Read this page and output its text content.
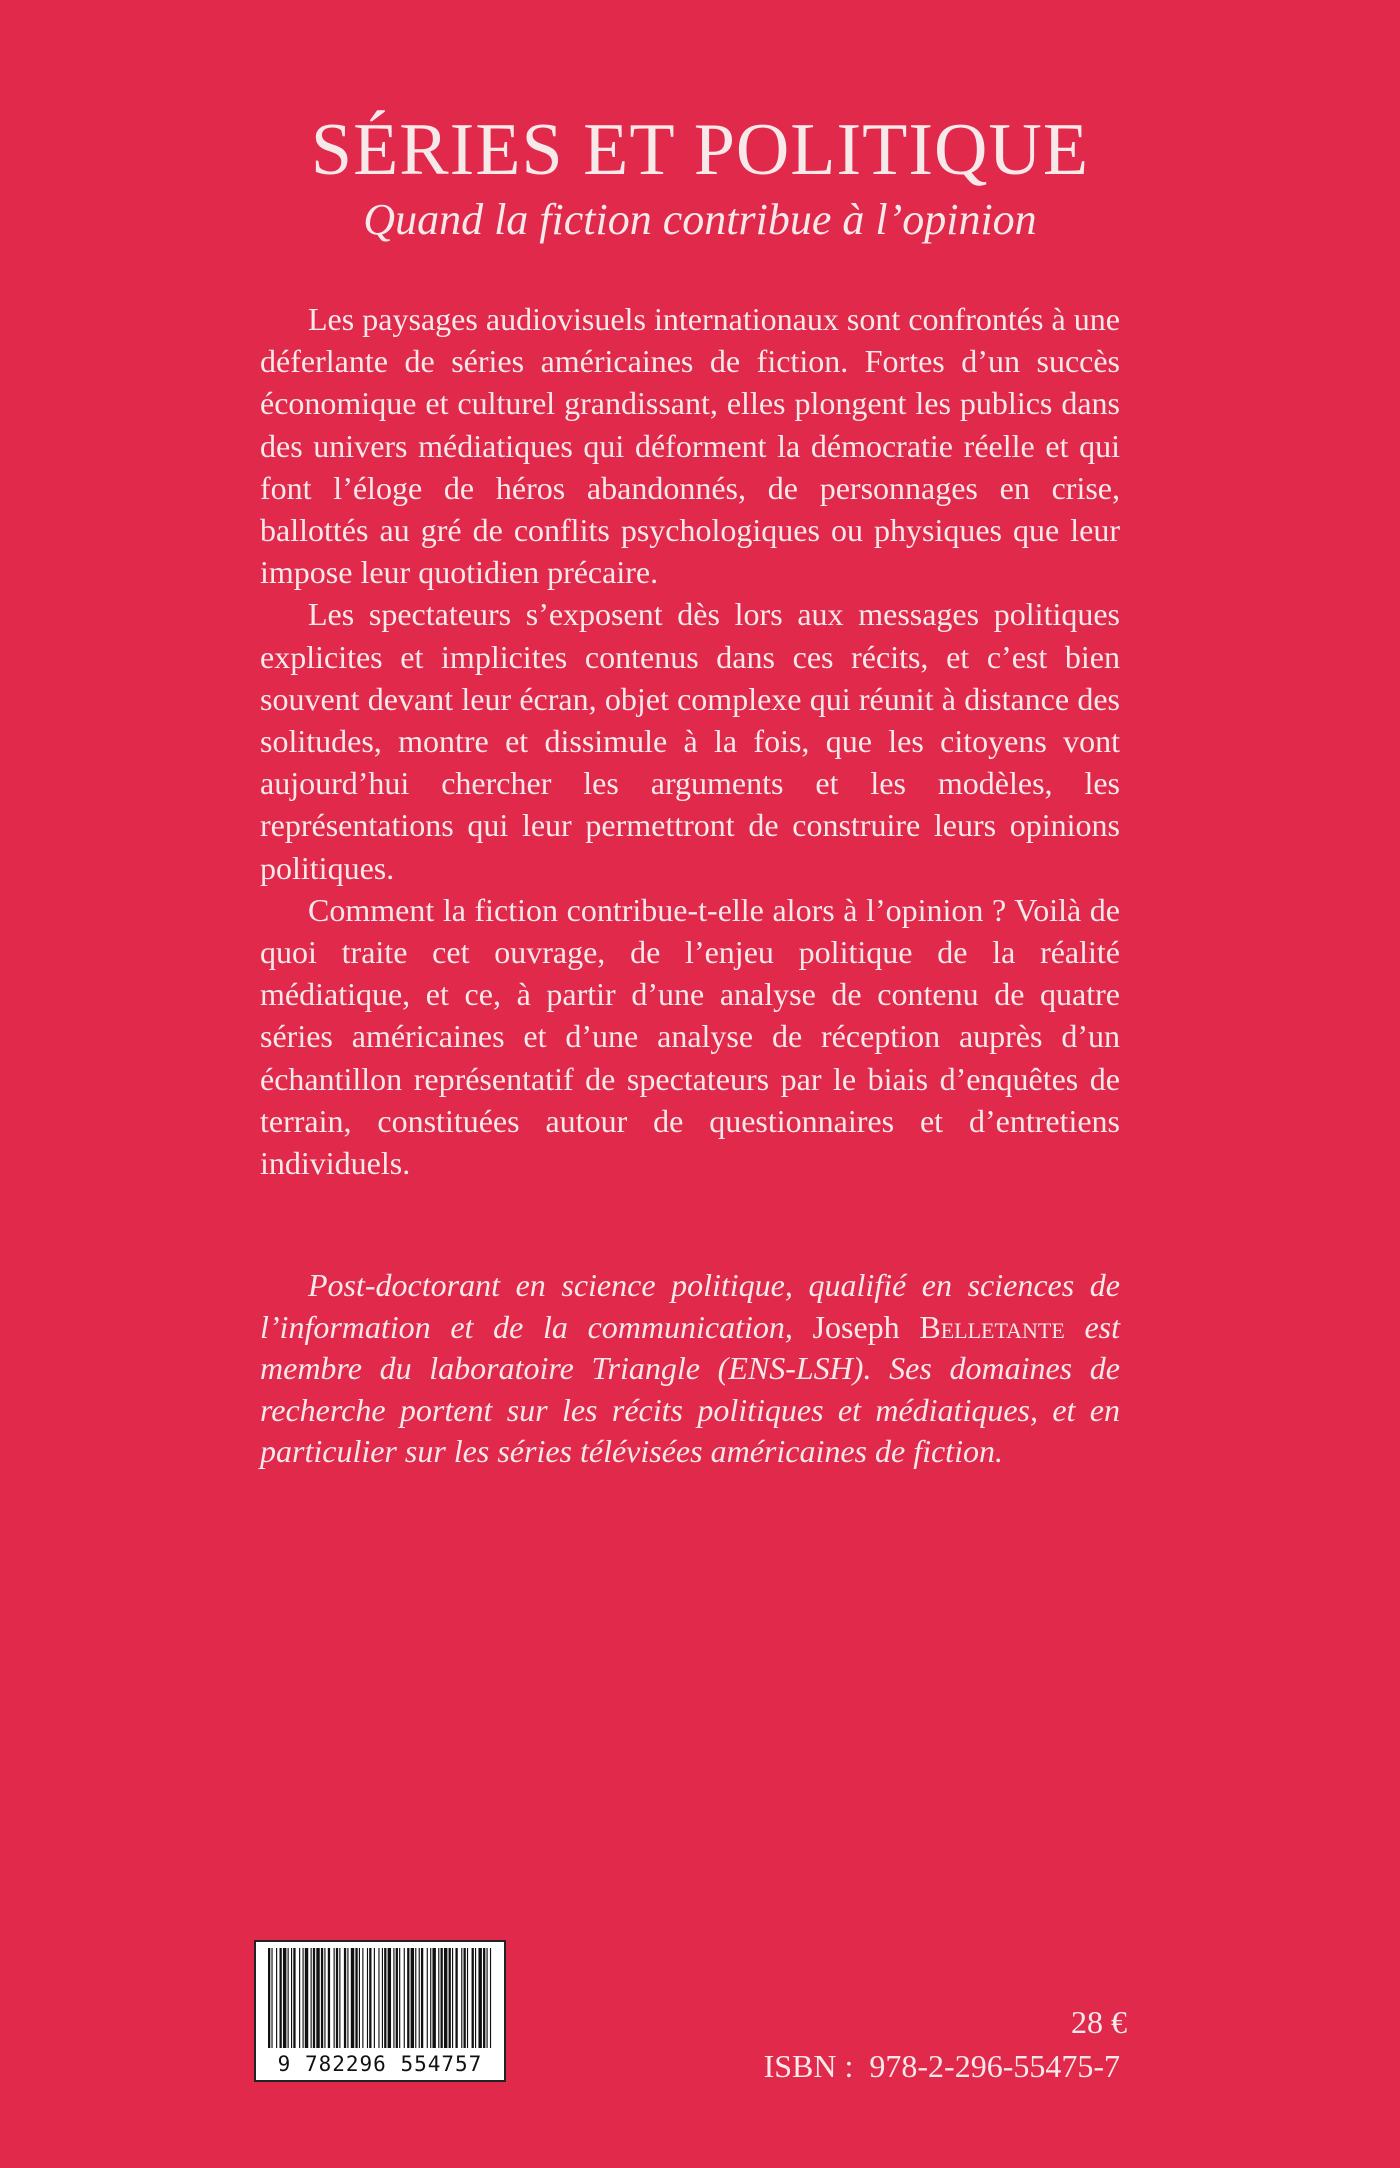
SÉRIES ET POLITIQUE
Quand la fiction contribue à l’opinion

Les paysages audiovisuels internationaux sont confrontés à une déferlante de séries américaines de fiction. Fortes d’un succès économique et culturel grandissant, elles plongent les publics dans des univers médiatiques qui déforment la démocratie réelle et qui font l’éloge de héros abandonnés, de personnages en crise, ballottés au gré de conflits psychologiques ou physiques que leur impose leur quotidien précaire.

Les spectateurs s’exposent dès lors aux messages politiques explicites et implicites contenus dans ces récits, et c’est bien souvent devant leur écran, objet complexe qui réunit à distance des solitudes, montre et dissimule à la fois, que les citoyens vont aujourd’hui chercher les arguments et les modèles, les représentations qui leur permettront de construire leurs opinions politiques.

Comment la fiction contribue-t-elle alors à l’opinion ? Voilà de quoi traite cet ouvrage, de l’enjeu politique de la réalité médiatique, et ce, à partir d’une analyse de contenu de quatre séries américaines et d’une analyse de réception auprès d’un échantillon représentatif de spectateurs par le biais d’enquêtes de terrain, constituées autour de questionnaires et d’entretiens individuels.

Post-doctorant en science politique, qualifié en sciences de l’information et de la communication, Joseph Belletante est membre du laboratoire Triangle (ENS-LSH). Ses domaines de recherche portent sur les récits politiques et médiatiques, et en particulier sur les séries télévisées américaines de fiction.
9 782296 554757
28 €
ISBN :  978-2-296-55475-7
